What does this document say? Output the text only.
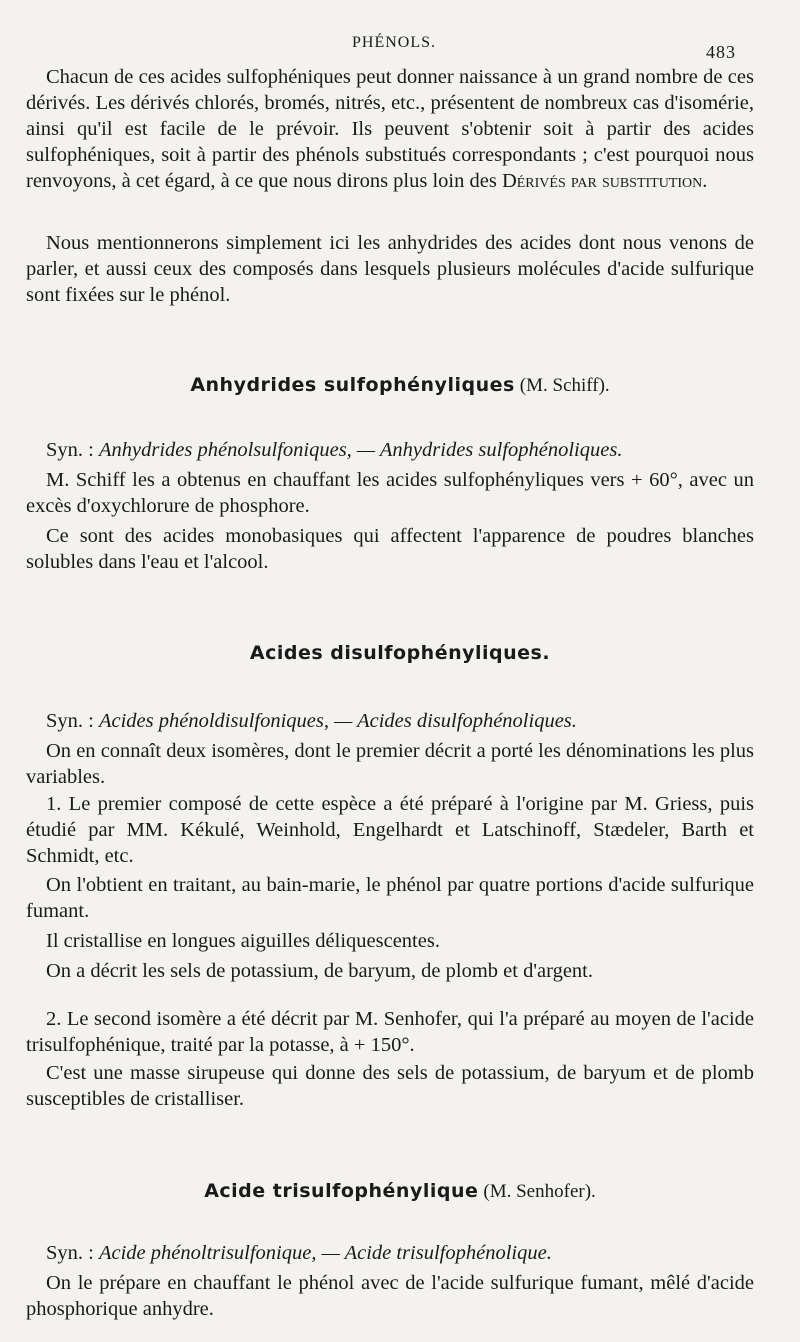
PHÉNOLS.	483

Chacun de ces acides sulfophéniques peut donner naissance à un grand nombre de ces dérivés. Les dérivés chlorés, bromés, nitrés, etc., présentent de nombreux cas d'isomérie, ainsi qu'il est facile de le prévoir. Ils peuvent s'obtenir soit à partir des acides sulfophéniques, soit à partir des phénols substitués correspondants ; c'est pourquoi nous renvoyons, à cet égard, à ce que nous dirons plus loin des Dérivés par substitution.

Nous mentionnerons simplement ici les anhydrides des acides dont nous venons de parler, et aussi ceux des composés dans lesquels plusieurs molécules d'acide sulfurique sont fixées sur le phénol.

Anhydrides sulfophényliques (M. Schiff).

Syn. : Anhydrides phénolsulfoniques, — Anhydrides sulfophénoliques.

M. Schiff les a obtenus en chauffant les acides sulfophényliques vers + 60°, avec un excès d'oxychlorure de phosphore.

Ce sont des acides monobasiques qui affectent l'apparence de poudres blanches solubles dans l'eau et l'alcool.

Acides disulfophényliques.

Syn. : Acides phénoldisulfoniques, — Acides disulfophénoliques.

On en connaît deux isomères, dont le premier décrit a porté les dénominations les plus variables.

1. Le premier composé de cette espèce a été préparé à l'origine par M. Griess, puis étudié par MM. Kékulé, Weinhold, Engelhardt et Latschinoff, Stædeler, Barth et Schmidt, etc.

On l'obtient en traitant, au bain-marie, le phénol par quatre portions d'acide sulfurique fumant.

Il cristallise en longues aiguilles déliquescentes.

On a décrit les sels de potassium, de baryum, de plomb et d'argent.

2. Le second isomère a été décrit par M. Senhofer, qui l'a préparé au moyen de l'acide trisulfophénique, traité par la potasse, à + 150°.

C'est une masse sirupeuse qui donne des sels de potassium, de baryum et de plomb susceptibles de cristalliser.

Acide trisulfophénylique (M. Senhofer).

Syn. : Acide phénoltrisulfonique, — Acide trisulfophénolique.

On le prépare en chauffant le phénol avec de l'acide sulfurique fumant, mêlé d'acide phosphorique anhydre.
